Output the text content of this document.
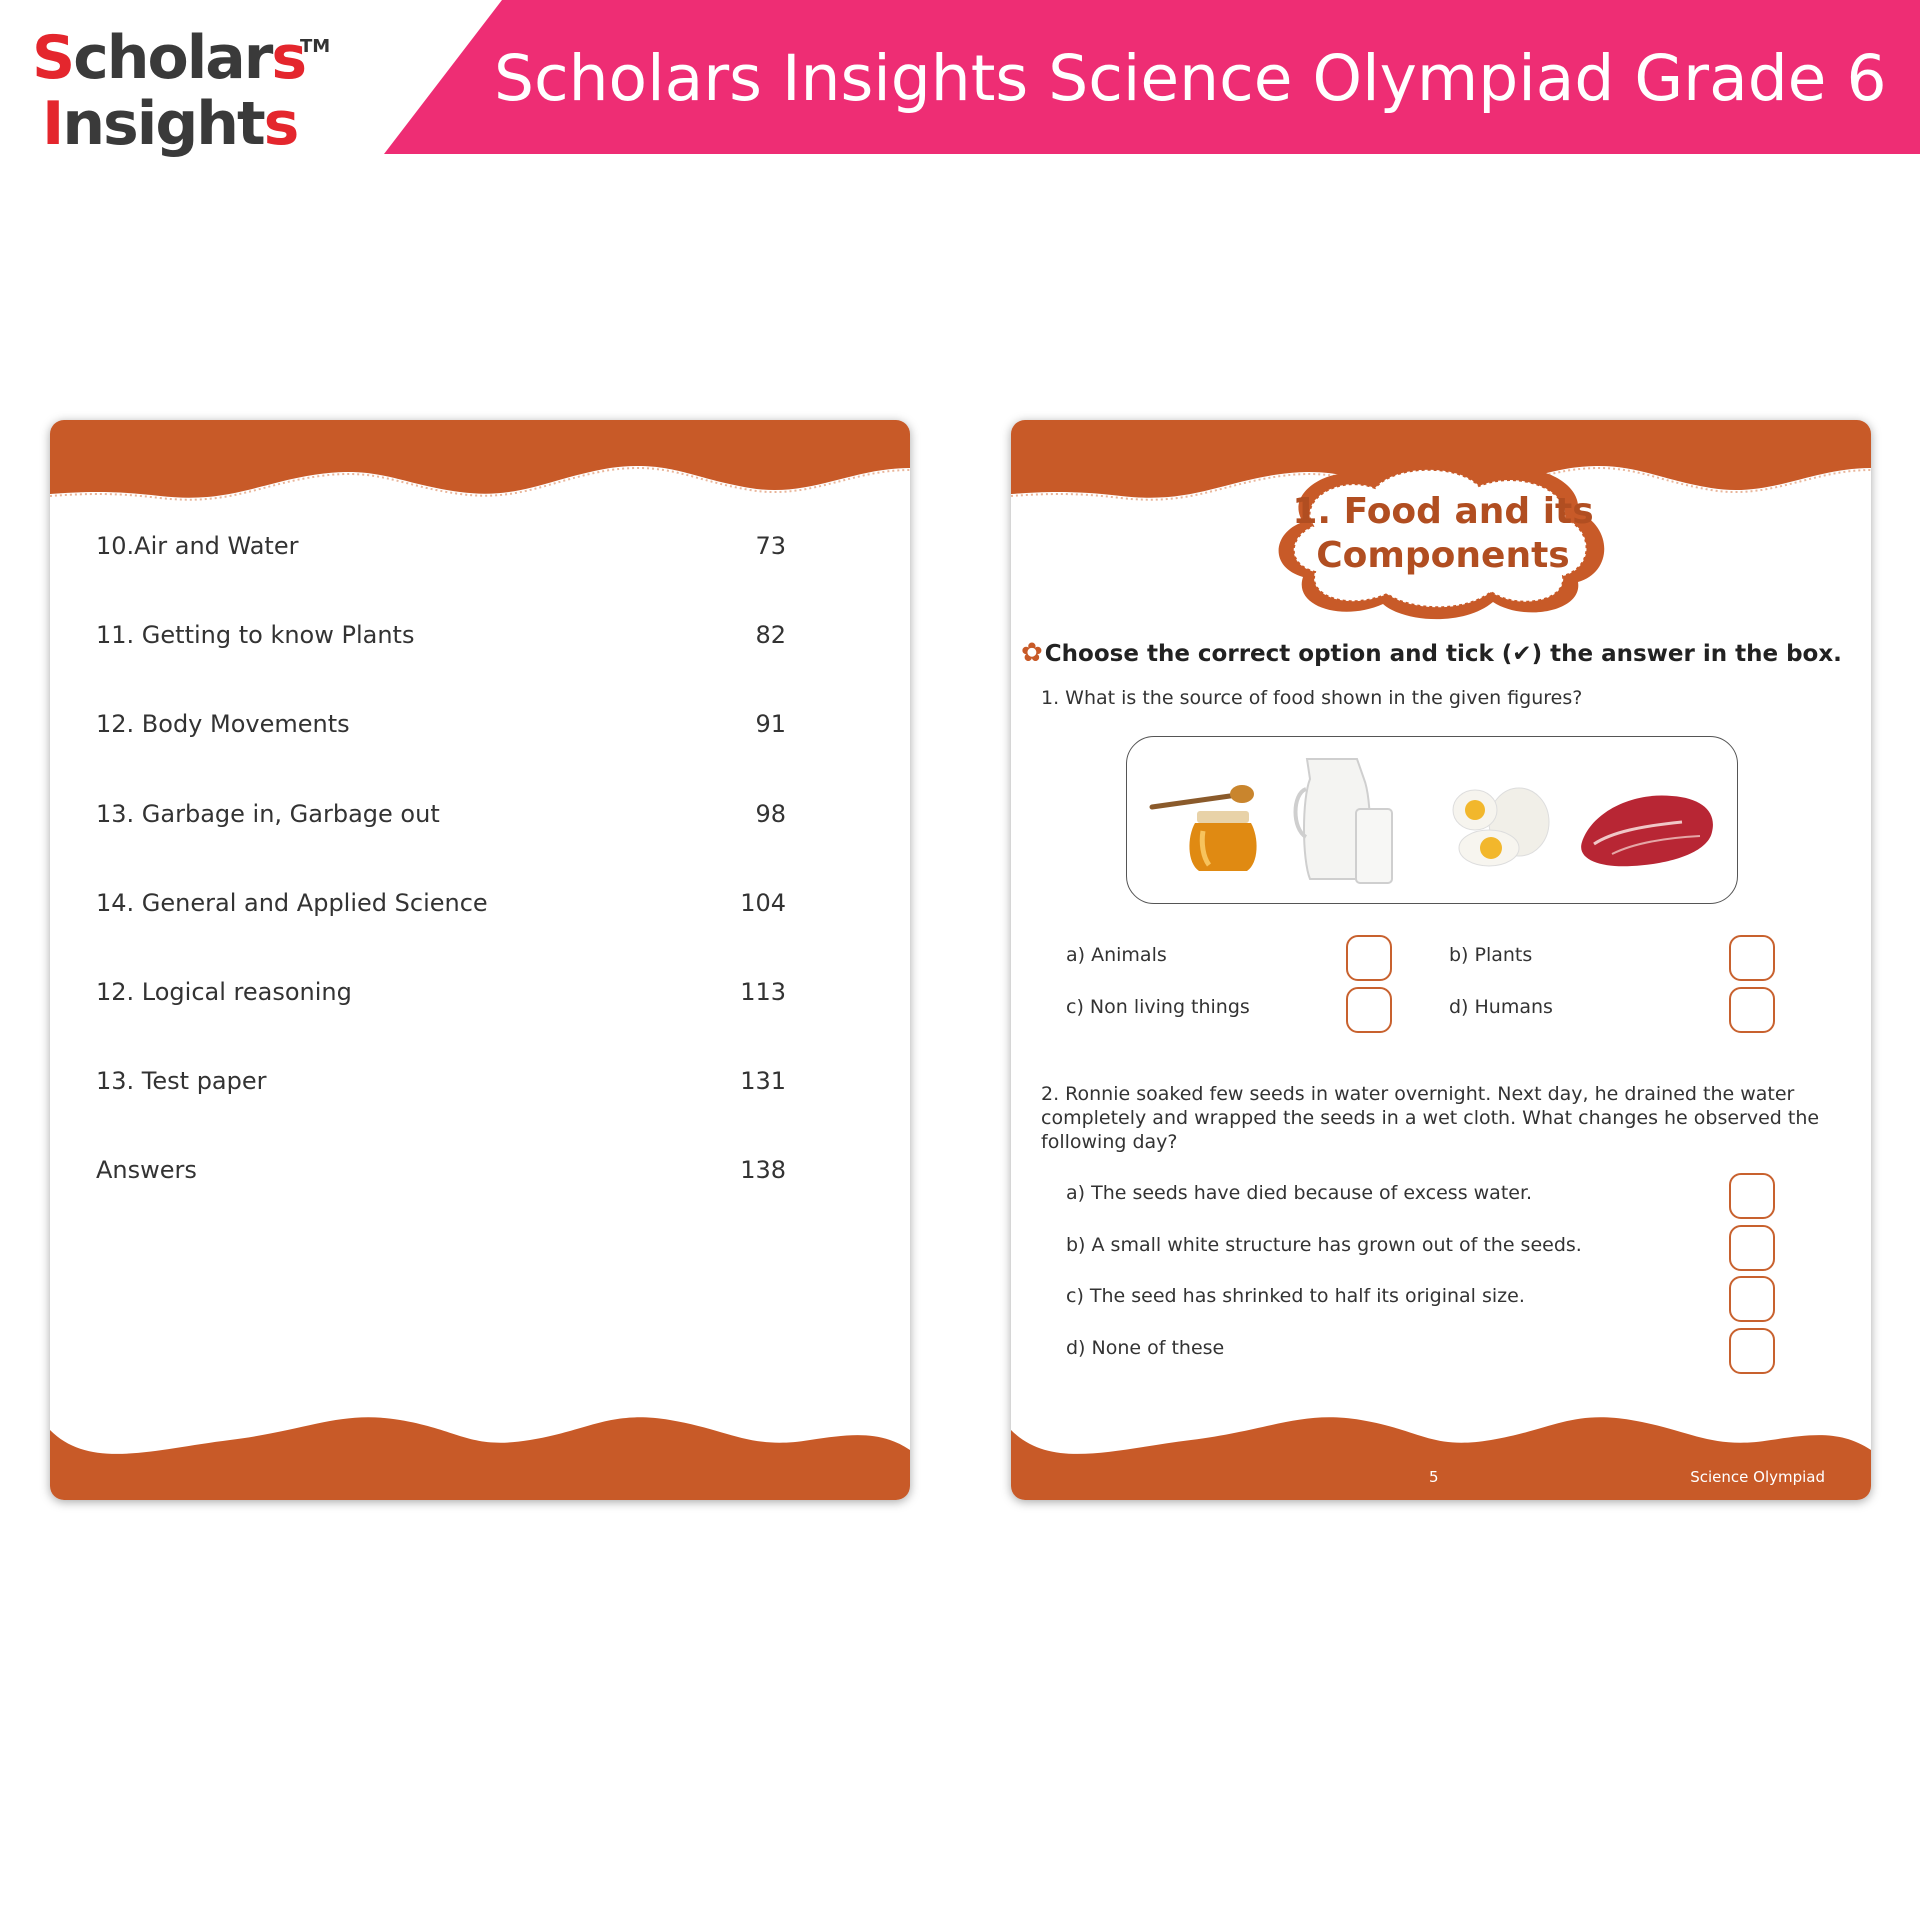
Scholars
Insights
TM	Scholars Insights Science Olympiad Grade 6
10.Air and Water	73
11. Getting to know Plants	82
12. Body Movements	91
13. Garbage in, Garbage out	98
14. General and Applied Science	104
12. Logical reasoning	113
13. Test paper	131
Answers	138
1. Food and its
Components
✿Choose the correct option and tick (✔) the answer in the box.
1. What is the source of food shown in the given figures?
a) Animals	b) Plants
c) Non living things	d) Humans
2. Ronnie soaked few seeds in water overnight. Next day, he drained the water completely and wrapped the seeds in a wet cloth. What changes he observed the following day?
a) The seeds have died because of excess water.
b) A small white structure has grown out of the seeds.
c) The seed has shrinked to half its original size.
d) None of these
5	Science Olympiad
